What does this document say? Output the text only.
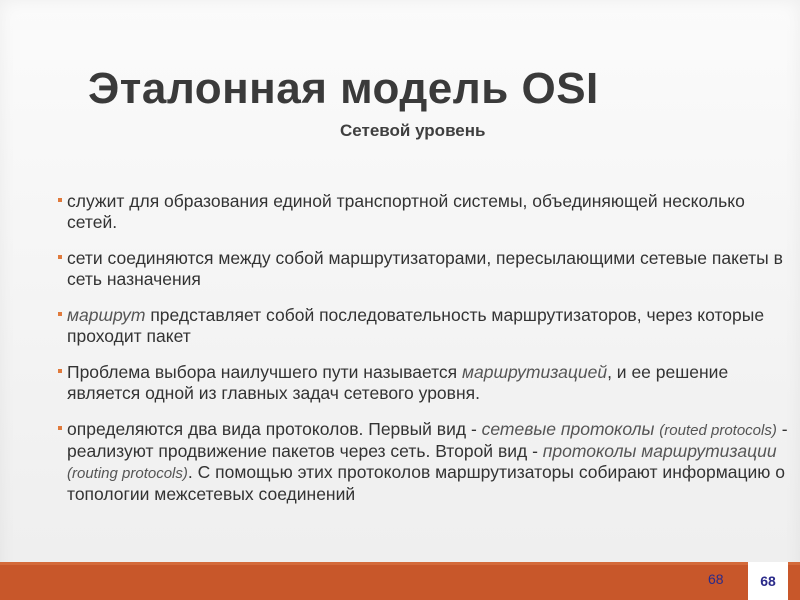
Эталонная модель OSI
Сетевой уровень
служит для образования единой транспортной системы, объединяющей несколько сетей.
сети соединяются между собой маршрутизаторами, пересылающими сетевые пакеты в сеть назначения
маршрут представляет собой последовательность маршрутизаторов, через которые проходит пакет
Проблема выбора наилучшего пути называется маршрутизацией, и ее решение является одной из главных задач сетевого уровня.
определяются два вида протоколов. Первый вид - сетевые протоколы (routed protocols) - реализуют продвижение пакетов через сеть. Второй вид - протоколы маршрутизации (routing protocols). С помощью этих протоколов маршрутизаторы собирают информацию о топологии межсетевых соединений
68	68
